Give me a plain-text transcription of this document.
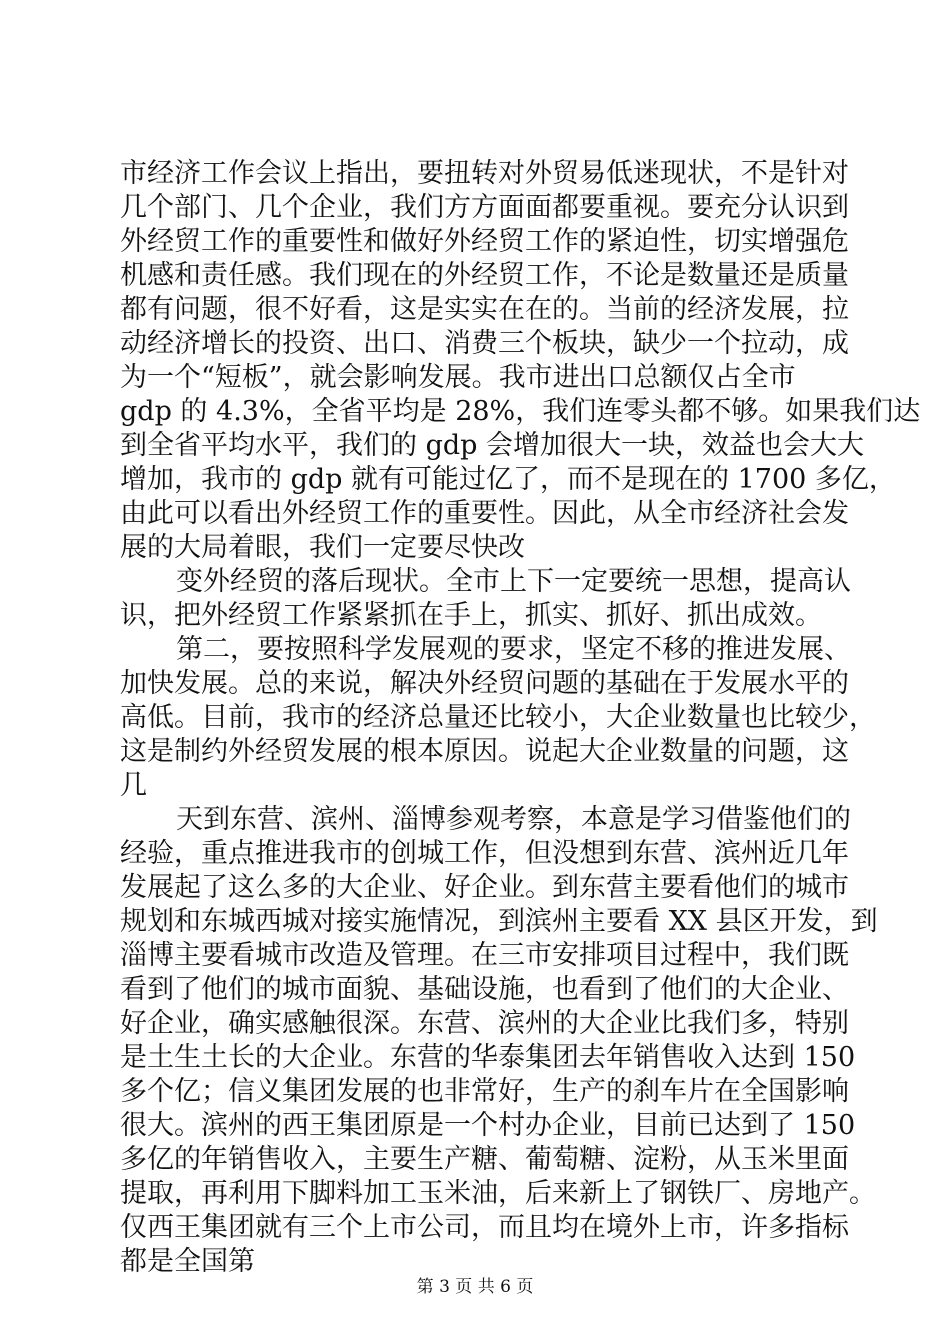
市经济工作会议上指出，要扭转对外贸易低迷现状，不是针对
几个部门、几个企业，我们方方面面都要重视。要充分认识到
外经贸工作的重要性和做好外经贸工作的紧迫性，切实增强危
机感和责任感。我们现在的外经贸工作，不论是数量还是质量
都有问题，很不好看，这是实实在在的。当前的经济发展，拉
动经济增长的投资、出口、消费三个板块，缺少一个拉动，成
为一个“短板”，就会影响发展。我市进出口总额仅占全市
gdp 的 4.3%，全省平均是 28%，我们连零头都不够。如果我们达
到全省平均水平，我们的 gdp 会增加很大一块，效益也会大大
增加，我市的 gdp 就有可能过亿了，而不是现在的 1700 多亿，
由此可以看出外经贸工作的重要性。因此，从全市经济社会发
展的大局着眼，我们一定要尽快改
变外经贸的落后现状。全市上下一定要统一思想，提高认
识，把外经贸工作紧紧抓在手上，抓实、抓好、抓出成效。
第二，要按照科学发展观的要求，坚定不移的推进发展、
加快发展。总的来说，解决外经贸问题的基础在于发展水平的
高低。目前，我市的经济总量还比较小，大企业数量也比较少，
这是制约外经贸发展的根本原因。说起大企业数量的问题，这
几
天到东营、滨州、淄博参观考察，本意是学习借鉴他们的
经验，重点推进我市的创城工作，但没想到东营、滨州近几年
发展起了这么多的大企业、好企业。到东营主要看他们的城市
规划和东城西城对接实施情况，到滨州主要看 XX 县区开发，到
淄博主要看城市改造及管理。在三市安排项目过程中，我们既
看到了他们的城市面貌、基础设施，也看到了他们的大企业、
好企业，确实感触很深。东营、滨州的大企业比我们多，特别
是土生土长的大企业。东营的华泰集团去年销售收入达到 150
多个亿；信义集团发展的也非常好，生产的刹车片在全国影响
很大。滨州的西王集团原是一个村办企业，目前已达到了 150
多亿的年销售收入，主要生产糖、葡萄糖、淀粉，从玉米里面
提取，再利用下脚料加工玉米油，后来新上了钢铁厂、房地产。
仅西王集团就有三个上市公司，而且均在境外上市，许多指标
都是全国第
第 3 页 共 6 页
